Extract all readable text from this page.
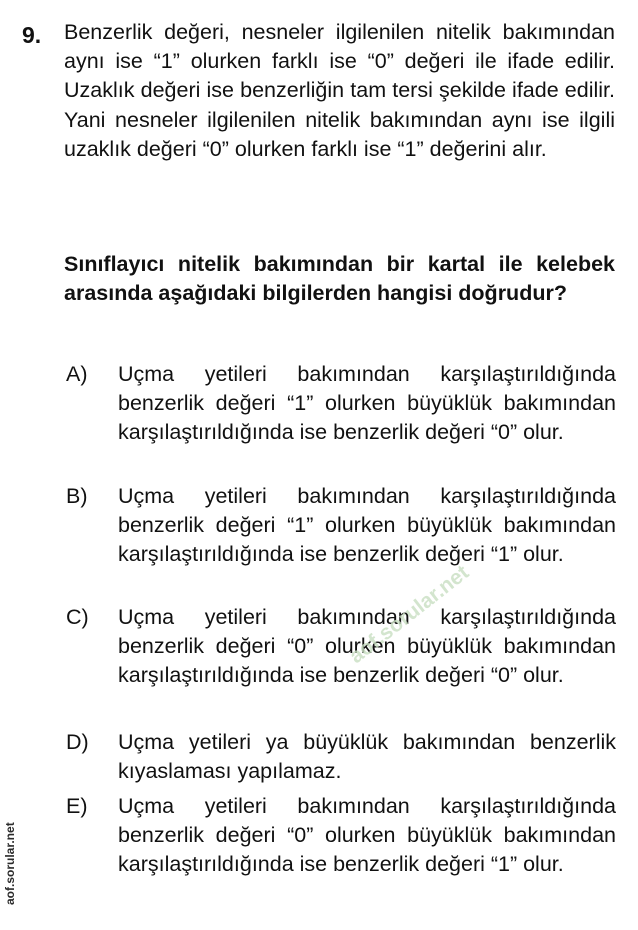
9. Benzerlik değeri, nesneler ilgilenilen nitelik bakımından aynı ise “1” olurken farklı ise “0” değeri ile ifade edilir. Uzaklık değeri ise benzerliğin tam tersi şekilde ifade edilir. Yani nesneler ilgilenilen nitelik bakımından aynı ise ilgili uzaklık değeri “0” olurken farklı ise “1” değerini alır.
Sınıflayıcı nitelik bakımından bir kartal ile kelebek arasında aşağıdaki bilgilerden hangisi doğrudur?
A) Uçma yetileri bakımından karşılaştırıldığında benzerlik değeri “1” olurken büyüklük bakımından karşılaştırıldığında ise benzerlik değeri “0” olur.
B) Uçma yetileri bakımından karşılaştırıldığında benzerlik değeri “1” olurken büyüklük bakımından karşılaştırıldığında ise benzerlik değeri “1” olur.
C) Uçma yetileri bakımından karşılaştırıldığında benzerlik değeri “0” olurken büyüklük bakımından karşılaştırıldığında ise benzerlik değeri “0” olur.
D) Uçma yetileri ya büyüklük bakımından benzerlik kıyaslaması yapılamaz.
E) Uçma yetileri bakımından karşılaştırıldığında benzerlik değeri “0” olurken büyüklük bakımından karşılaştırıldığında ise benzerlik değeri “1” olur.
aof.sorular.net
aof.sorular.net
